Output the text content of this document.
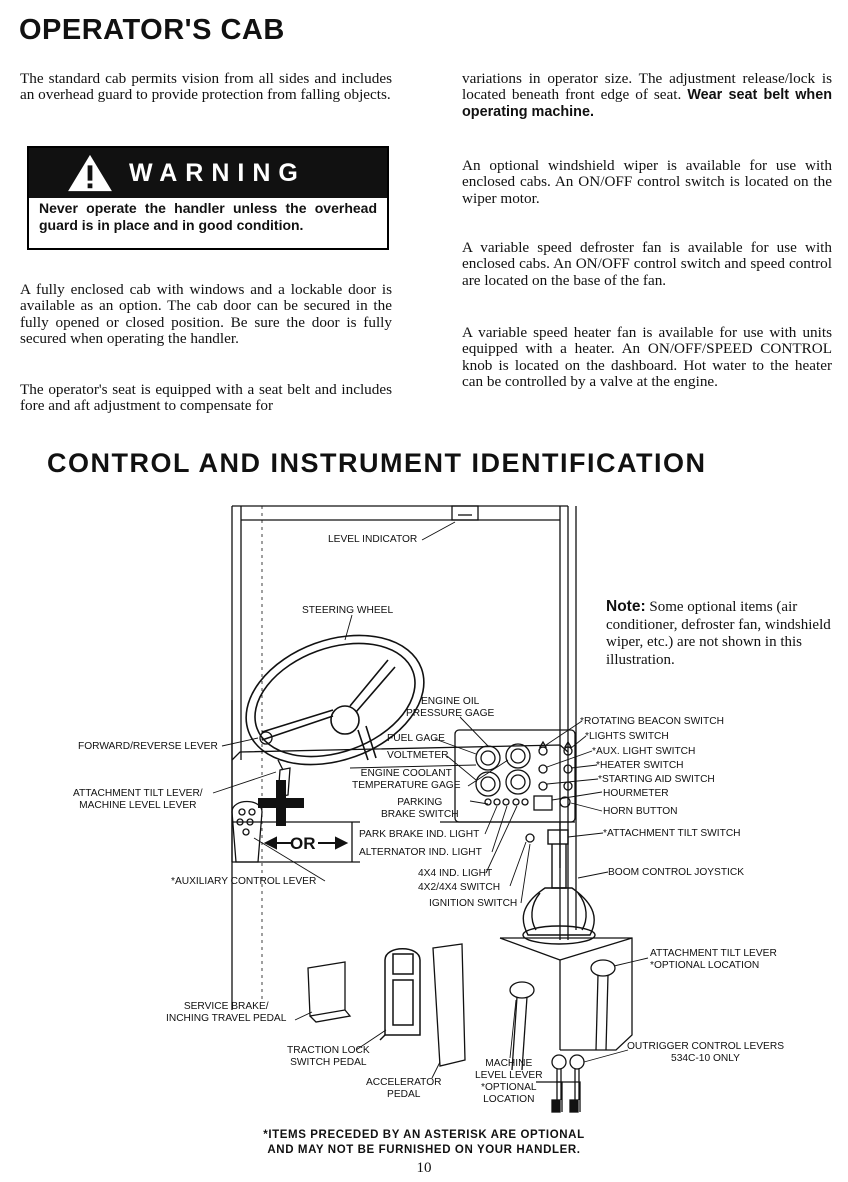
OPERATOR'S CAB

The standard cab permits vision from all sides and includes an overhead guard to provide protection from falling objects.

WARNING
Never operate the handler unless the overhead guard is in place and in good condition.

A fully enclosed cab with windows and a lockable door is available as an option. The cab door can be secured in the fully opened or closed position. Be sure the door is fully secured when operating the handler.

The operator's seat is equipped with a seat belt and includes fore and aft adjustment to compensate for

variations in operator size. The adjustment release/lock is located beneath front edge of seat. Wear seat belt when operating machine.

An optional windshield wiper is available for use with enclosed cabs. An ON/OFF control switch is located on the wiper motor.

A variable speed defroster fan is available for use with enclosed cabs. An ON/OFF control switch and speed control are located on the base of the fan.

A variable speed heater fan is available for use with units equipped with a heater. An ON/OFF/SPEED CONTROL knob is located on the dashboard. Hot water to the heater can be controlled by a valve at the engine.

CONTROL AND INSTRUMENT IDENTIFICATION
Note: Some optional items (air conditioner, defroster fan, windshield wiper, etc.) are not shown in this illustration.
LEVEL INDICATOR
STEERING WHEEL
ENGINE OIL
PRESSURE GAGE
FORWARD/REVERSE LEVER
FUEL GAGE
VOLTMETER
ENGINE COOLANT
TEMPERATURE GAGE
ATTACHMENT TILT LEVER/
MACHINE LEVEL LEVER	PARKING
BRAKE SWITCH
PARK BRAKE IND. LIGHT
ALTERNATOR IND. LIGHT
*AUXILIARY CONTROL LEVER
4X4 IND. LIGHT
4X2/4X4 SWITCH
IGNITION SWITCH
*ROTATING BEACON SWITCH
*LIGHTS SWITCH
*AUX. LIGHT SWITCH
*HEATER SWITCH
*STARTING AID SWITCH
HOURMETER
HORN BUTTON
*ATTACHMENT TILT SWITCH
BOOM CONTROL JOYSTICK
ATTACHMENT TILT LEVER
*OPTIONAL LOCATION
SERVICE BRAKE/
INCHING TRAVEL PEDAL
TRACTION LOCK
SWITCH PEDAL
ACCELERATOR
PEDAL
MACHINE
LEVEL LEVER
*OPTIONAL
LOCATION
OUTRIGGER CONTROL LEVERS
534C-10 ONLY
OR
*ITEMS PRECEDED BY AN ASTERISK ARE OPTIONAL
AND MAY NOT BE FURNISHED ON YOUR HANDLER.
10
